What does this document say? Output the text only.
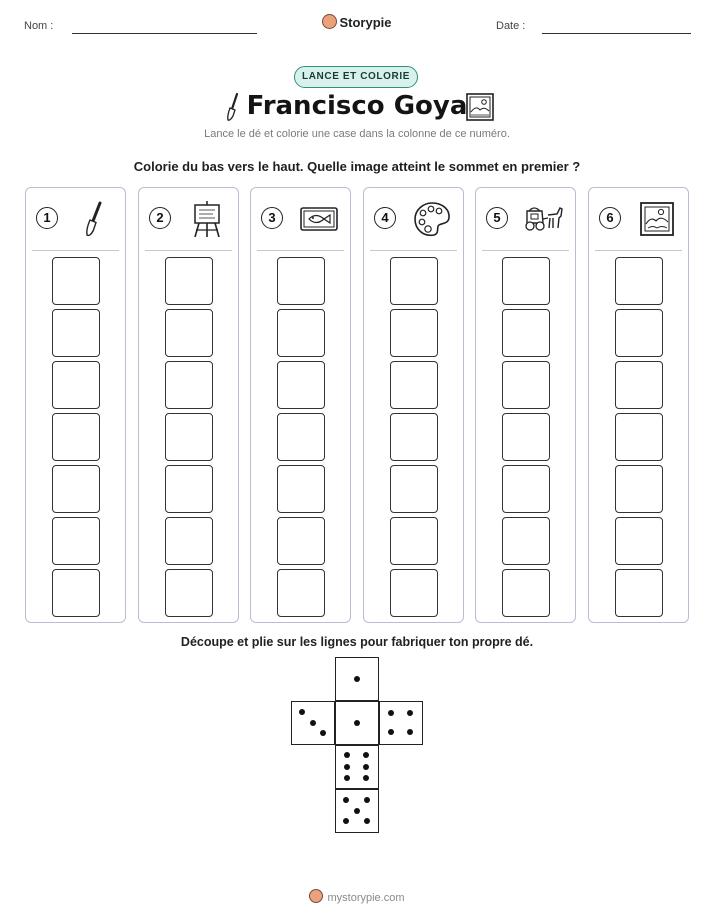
Nom :	Storypie	Date :
LANCE ET COLORIE
Francisco Goya
Lance le dé et colorie une case dans la colonne de ce numéro.
Colorie du bas vers le haut. Quelle image atteint le sommet en premier ?
1	2	3	4	5	6
Découpe et plie sur les lignes pour fabriquer ton propre dé.
mystorypie.com
